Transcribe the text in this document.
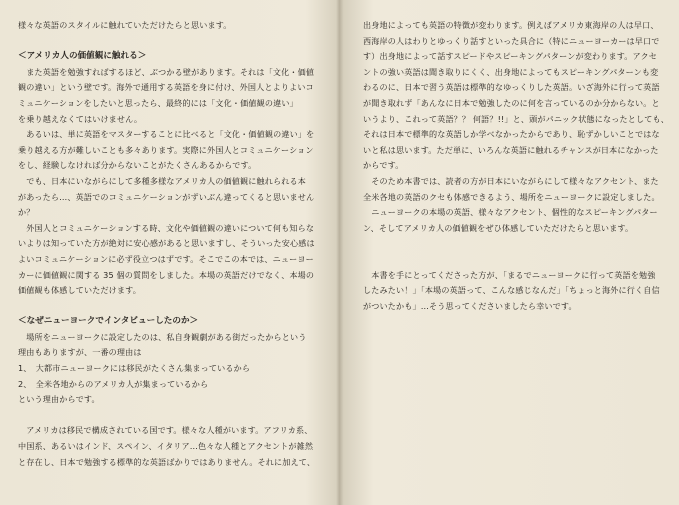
様々な英語のスタイルに触れていただけたらと思います。
＜アメリカ人の価値観に触れる＞
　また英語を勉強すればするほど、ぶつかる壁があります。それは「文化・価値
観の違い」という壁です。海外で通用する英語を身に付け、外国人とよりよいコ
ミュニケーションをしたいと思ったら、最終的には「文化・価値観の違い」
を乗り越えなくてはいけません。
　あるいは、単に英語をマスターすることに比べると「文化・価値観の違い」を
乗り越える方が難しいことも多々あります。実際に外国人とコミュニケーション
をし、経験しなければ分からないことがたくさんあるからです。
　でも、日本にいながらにして多種多様なアメリカ人の価値観に触れられる本
があったら…、英語でのコミュニケーションがずいぶん違ってくると思いません
か？
　外国人とコミュニケーションする時、文化や価値観の違いについて何も知らな
いよりは知っていた方が絶対に安心感があると思いますし、そういった安心感は
よいコミュニケーションに必ず役立つはずです。そこでこの本では、ニューヨー
カーに価値観に関する 35 個の質問をしました。本場の英語だけでなく、本場の
価値観も体感していただけます。
＜なぜニューヨークでインタビューしたのか＞
　場所をニューヨークに設定したのは、私自身観劇がある街だったからという
理由もありますが、一番の理由は
1、　大都市ニューヨークには移民がたくさん集まっているから
2、　全米各地からのアメリカ人が集まっているから
という理由からです。
　アメリカは移民で構成されている国です。様々な人種がいます。アフリカ系、
中国系、あるいはインド、スペイン、イタリア…色々な人種とアクセントが雑然
と存在し、日本で勉強する標準的な英語ばかりではありません。それに加えて、
出身地によっても英語の特徴が変わります。例えばアメリカ東海岸の人は早口、
西海岸の人はわりとゆっくり話すといった具合に（特にニューヨーカーは早口で
す）出身地によって話すスピードやスピーキングパターンが変わります。アクセ
ントの強い英語は聞き取りにくく、出身地によってもスピーキングパターンも変
わるのに、日本で習う英語は標準的なゆっくりした英語。いざ海外に行って英語
が聞き取れず「あんなに日本で勉強したのに何を言っているのか分からない。と
いうより、これって英語？？ 何語？!!」と、頭がパニック状態になったとしても、
それは日本で標準的な英語しか学べなかったからであり、恥ずかしいことではな
いと私は思います。ただ単に、いろんな英語に触れるチャンスが日本になかった
からです。
　そのため本書では、読者の方が日本にいながらにして様々なアクセント、また
全米各地の英語のクセも体感できるよう、場所をニューヨークに設定しました。
　ニューヨークの本場の英語、様々なアクセント、個性的なスピーキングパター
ン、そしてアメリカ人の価値観をぜひ体感していただけたらと思います。
　本書を手にとってくださった方が、「まるでニューヨークに行って英語を勉強
したみたい！」「本場の英語って、こんな感じなんだ」「ちょっと海外に行く自信
がついたかも」…そう思ってくださいましたら幸いです。
